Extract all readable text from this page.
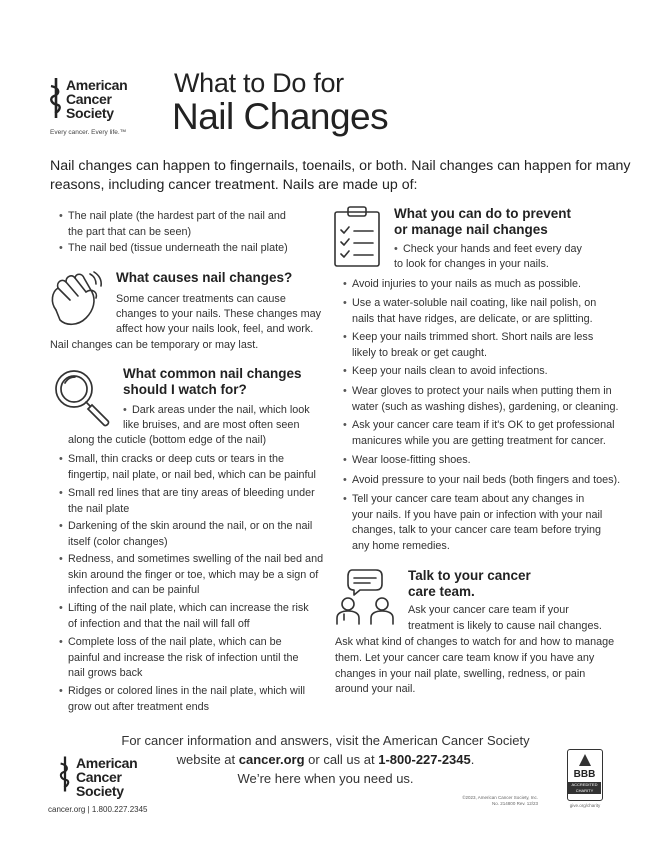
American
Cancer
Society
Every cancer. Every life.™
What to Do for
Nail Changes
Nail changes can happen to fingernails, toenails, or both. Nail changes can happen for many
reasons, including cancer treatment. Nails are made up of:
• The nail plate (the hardest part of the nail and
the part that can be seen)
• The nail bed (tissue underneath the nail plate)
What causes nail changes?
Some cancer treatments can cause
changes to your nails. These changes may
affect how your nails look, feel, and work.
Nail changes can be temporary or may last.
What common nail changes
should I watch for?
• Dark areas under the nail, which look
like bruises, and are most often seen
along the cuticle (bottom edge of the nail)
• Small, thin cracks or deep cuts or tears in the
fingertip, nail plate, or nail bed, which can be painful
• Small red lines that are tiny areas of bleeding under
the nail plate
• Darkening of the skin around the nail, or on the nail
itself (color changes)
• Redness, and sometimes swelling of the nail bed and
skin around the finger or toe, which may be a sign of
infection and can be painful
• Lifting of the nail plate, which can increase the risk
of infection and that the nail will fall off
• Complete loss of the nail plate, which can be
painful and increase the risk of infection until the
nail grows back
• Ridges or colored lines in the nail plate, which will
grow out after treatment ends
What you can do to prevent
or manage nail changes
• Check your hands and feet every day
to look for changes in your nails.
• Avoid injuries to your nails as much as possible.
• Use a water-soluble nail coating, like nail polish, on
nails that have ridges, are delicate, or are splitting.
• Keep your nails trimmed short. Short nails are less
likely to break or get caught.
• Keep your nails clean to avoid infections.
• Wear gloves to protect your nails when putting them in
water (such as washing dishes), gardening, or cleaning.
• Ask your cancer care team if it's OK to get professional
manicures while you are getting treatment for cancer.
• Wear loose-fitting shoes.
• Avoid pressure to your nail beds (both fingers and toes).
• Tell your cancer care team about any changes in
your nails. If you have pain or infection with your nail
changes, talk to your cancer care team before trying
any home remedies.
Talk to your cancer
care team.
Ask your cancer care team if your
treatment is likely to cause nail changes.
Ask what kind of changes to watch for and how to manage
them. Let your cancer care team know if you have any
changes in your nail plate, swelling, redness, or pain
around your nail.
For cancer information and answers, visit the American Cancer Society
website at cancer.org or call us at 1-800-227-2345.
We’re here when you need us.
American
Cancer
Society
cancer.org | 1.800.227.2345
©2023, American Cancer Society, Inc.
No. 214800 Rev. 12/23
BBB
ACCREDITED
CHARITY
give.org/charity
